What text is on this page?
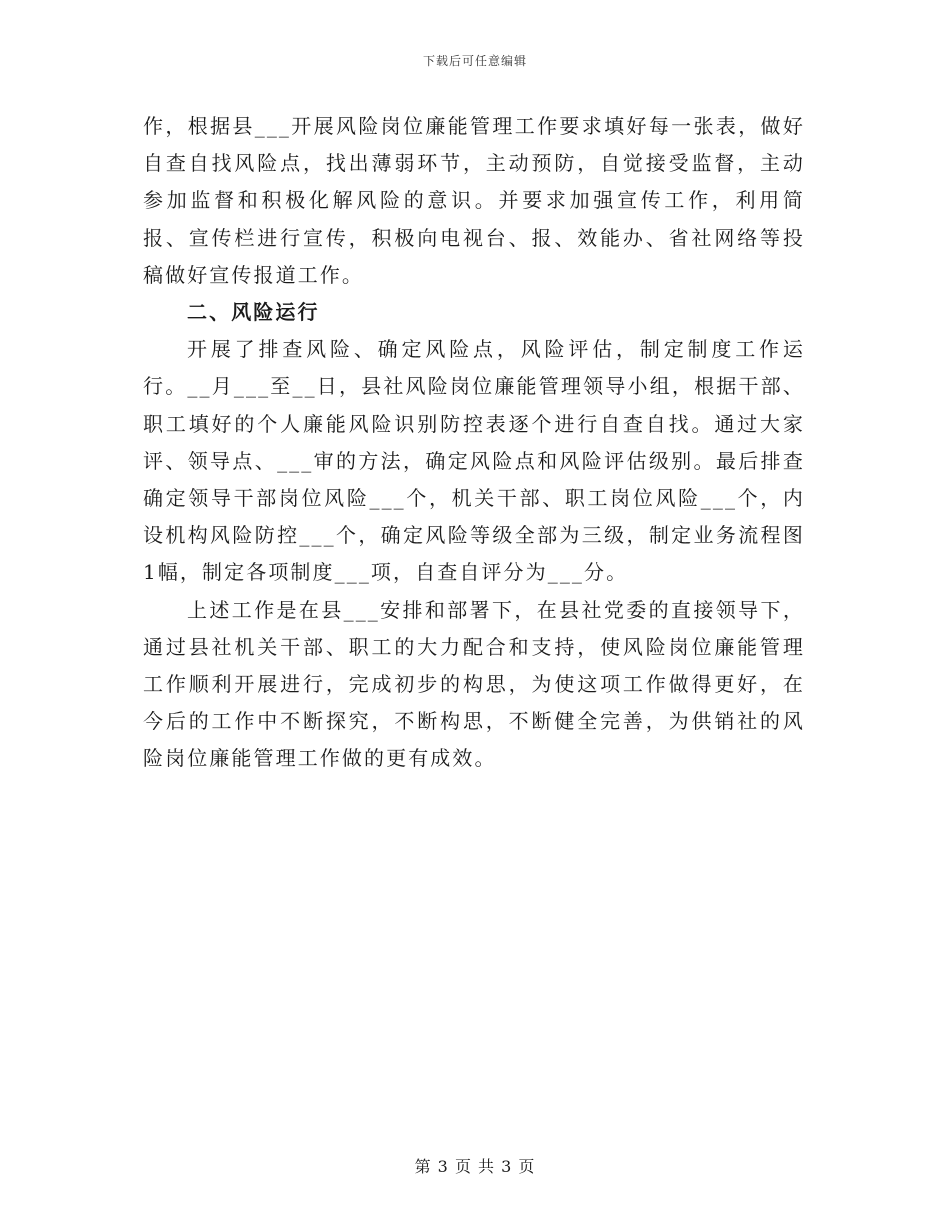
下载后可任意编辑

作，根据县___开展风险岗位廉能管理工作要求填好每一张表，做好自查自找风险点，找出薄弱环节，主动预防，自觉接受监督，主动参加监督和积极化解风险的意识。并要求加强宣传工作，利用简报、宣传栏进行宣传，积极向电视台、报、效能办、省社网络等投稿做好宣传报道工作。

二、风险运行

开展了排查风险、确定风险点，风险评估，制定制度工作运行。__月___至__日，县社风险岗位廉能管理领导小组，根据干部、职工填好的个人廉能风险识别防控表逐个进行自查自找。通过大家评、领导点、___审的方法，确定风险点和风险评估级别。最后排查确定领导干部岗位风险___个，机关干部、职工岗位风险___个，内设机构风险防控___个，确定风险等级全部为三级，制定业务流程图1幅，制定各项制度___项，自查自评分为___分。

上述工作是在县___安排和部署下，在县社党委的直接领导下，通过县社机关干部、职工的大力配合和支持，使风险岗位廉能管理工作顺利开展进行，完成初步的构思，为使这项工作做得更好，在今后的工作中不断探究，不断构思，不断健全完善，为供销社的风险岗位廉能管理工作做的更有成效。

第 3 页 共 3 页
